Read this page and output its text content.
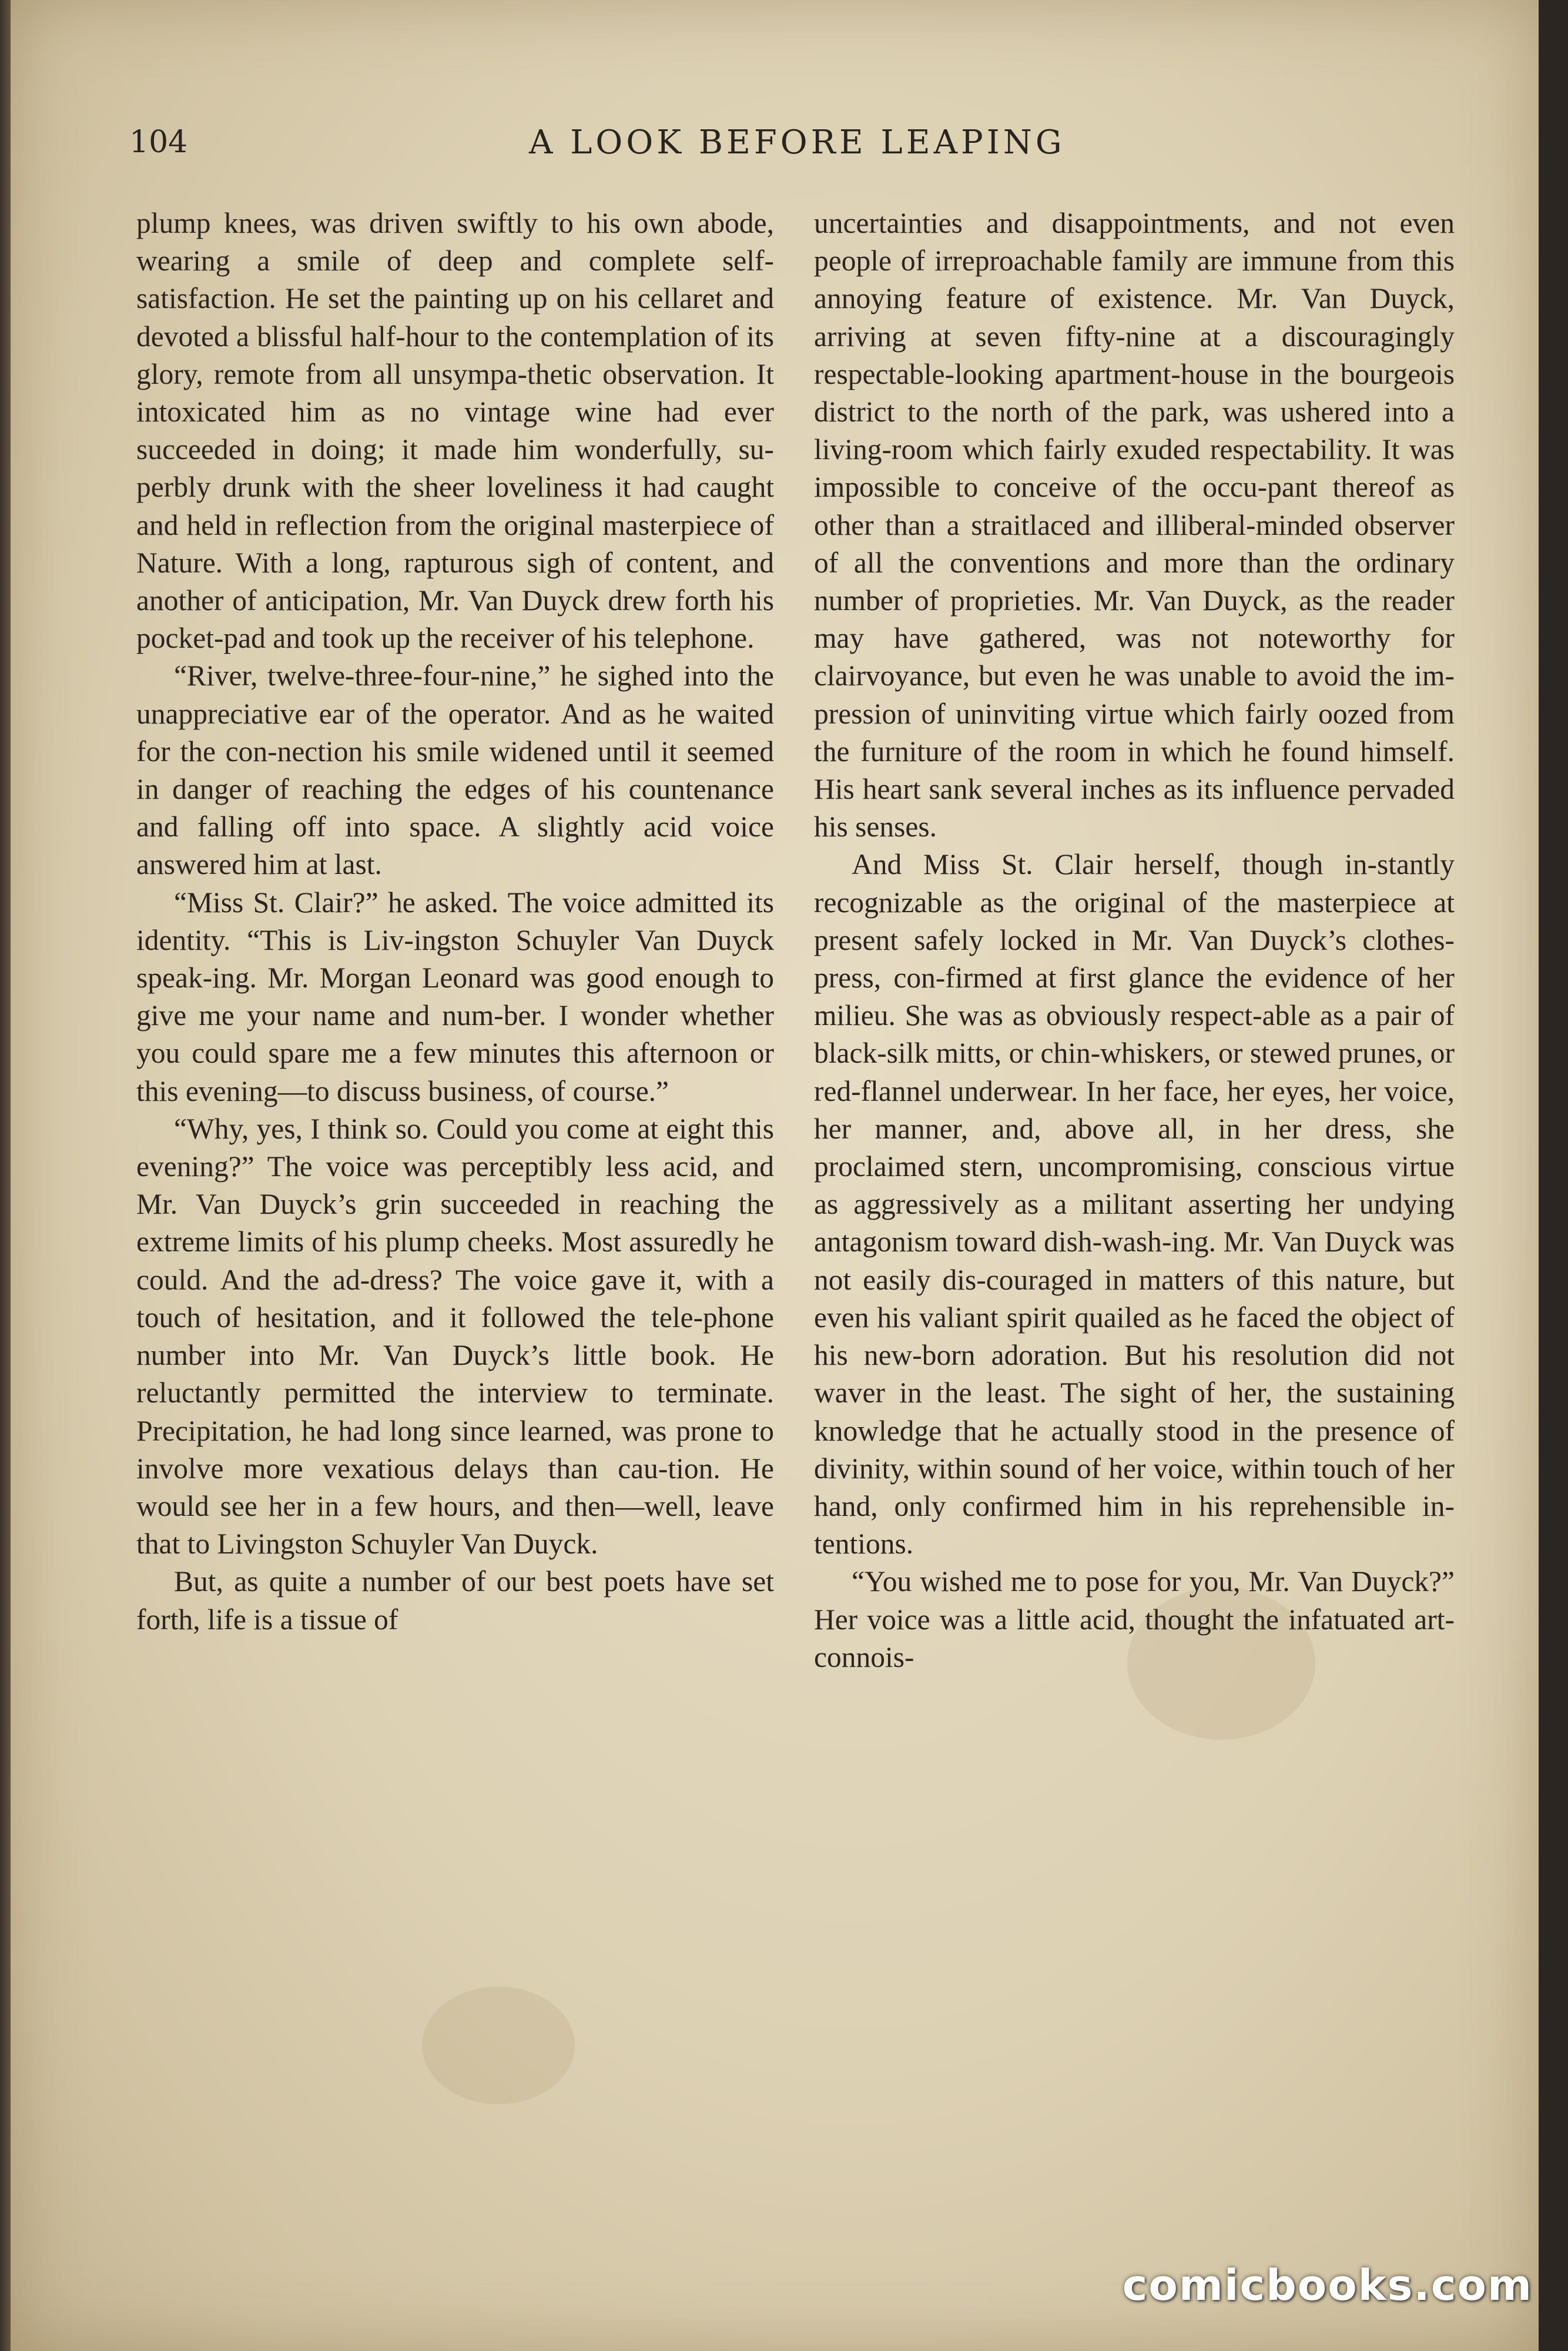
104	A LOOK BEFORE LEAPING

plump knees, was driven swiftly to his own abode, wearing a smile of deep and complete self-satisfaction. He set the painting up on his cellaret and devoted a blissful half-hour to the contemplation of its glory, remote from all unsympa-thetic observation. It intoxicated him as no vintage wine had ever succeeded in doing; it made him wonderfully, su-perbly drunk with the sheer loveliness it had caught and held in reflection from the original masterpiece of Nature. With a long, rapturous sigh of content, and another of anticipation, Mr. Van Duyck drew forth his pocket-pad and took up the receiver of his telephone.

“River, twelve-three-four-nine,” he sighed into the unappreciative ear of the operator. And as he waited for the con-nection his smile widened until it seemed in danger of reaching the edges of his countenance and falling off into space. A slightly acid voice answered him at last.

“Miss St. Clair?” he asked. The voice admitted its identity. “This is Liv-ingston Schuyler Van Duyck speak-ing. Mr. Morgan Leonard was good enough to give me your name and num-ber. I wonder whether you could spare me a few minutes this afternoon or this evening—to discuss business, of course.”

“Why, yes, I think so. Could you come at eight this evening?” The voice was perceptibly less acid, and Mr. Van Duyck’s grin succeeded in reaching the extreme limits of his plump cheeks. Most assuredly he could. And the ad-dress? The voice gave it, with a touch of hesitation, and it followed the tele-phone number into Mr. Van Duyck’s little book. He reluctantly permitted the interview to terminate. Precipitation, he had long since learned, was prone to involve more vexatious delays than cau-tion. He would see her in a few hours, and then—well, leave that to Livingston Schuyler Van Duyck.

But, as quite a number of our best poets have set forth, life is a tissue of

uncertainties and disappointments, and not even people of irreproachable family are immune from this annoying feature of existence. Mr. Van Duyck, arriving at seven fifty-nine at a discouragingly respectable-looking apartment-house in the bourgeois district to the north of the park, was ushered into a living-room which fairly exuded respectability. It was impossible to conceive of the occu-pant thereof as other than a straitlaced and illiberal-minded observer of all the conventions and more than the ordinary number of proprieties. Mr. Van Duyck, as the reader may have gathered, was not noteworthy for clairvoyance, but even he was unable to avoid the im-pression of uninviting virtue which fairly oozed from the furniture of the room in which he found himself. His heart sank several inches as its influence pervaded his senses.

And Miss St. Clair herself, though in-stantly recognizable as the original of the masterpiece at present safely locked in Mr. Van Duyck’s clothes-press, con-firmed at first glance the evidence of her milieu. She was as obviously respect-able as a pair of black-silk mitts, or chin-whiskers, or stewed prunes, or red-flannel underwear. In her face, her eyes, her voice, her manner, and, above all, in her dress, she proclaimed stern, uncompromising, conscious virtue as aggressively as a militant asserting her undying antagonism toward dish-wash-ing. Mr. Van Duyck was not easily dis-couraged in matters of this nature, but even his valiant spirit quailed as he faced the object of his new-born adoration. But his resolution did not waver in the least. The sight of her, the sustaining knowledge that he actually stood in the presence of divinity, within sound of her voice, within touch of her hand, only confirmed him in his reprehensible in-tentions.

“You wished me to pose for you, Mr. Van Duyck?” Her voice was a little acid, thought the infatuated art-connois-

comicbooks.com
